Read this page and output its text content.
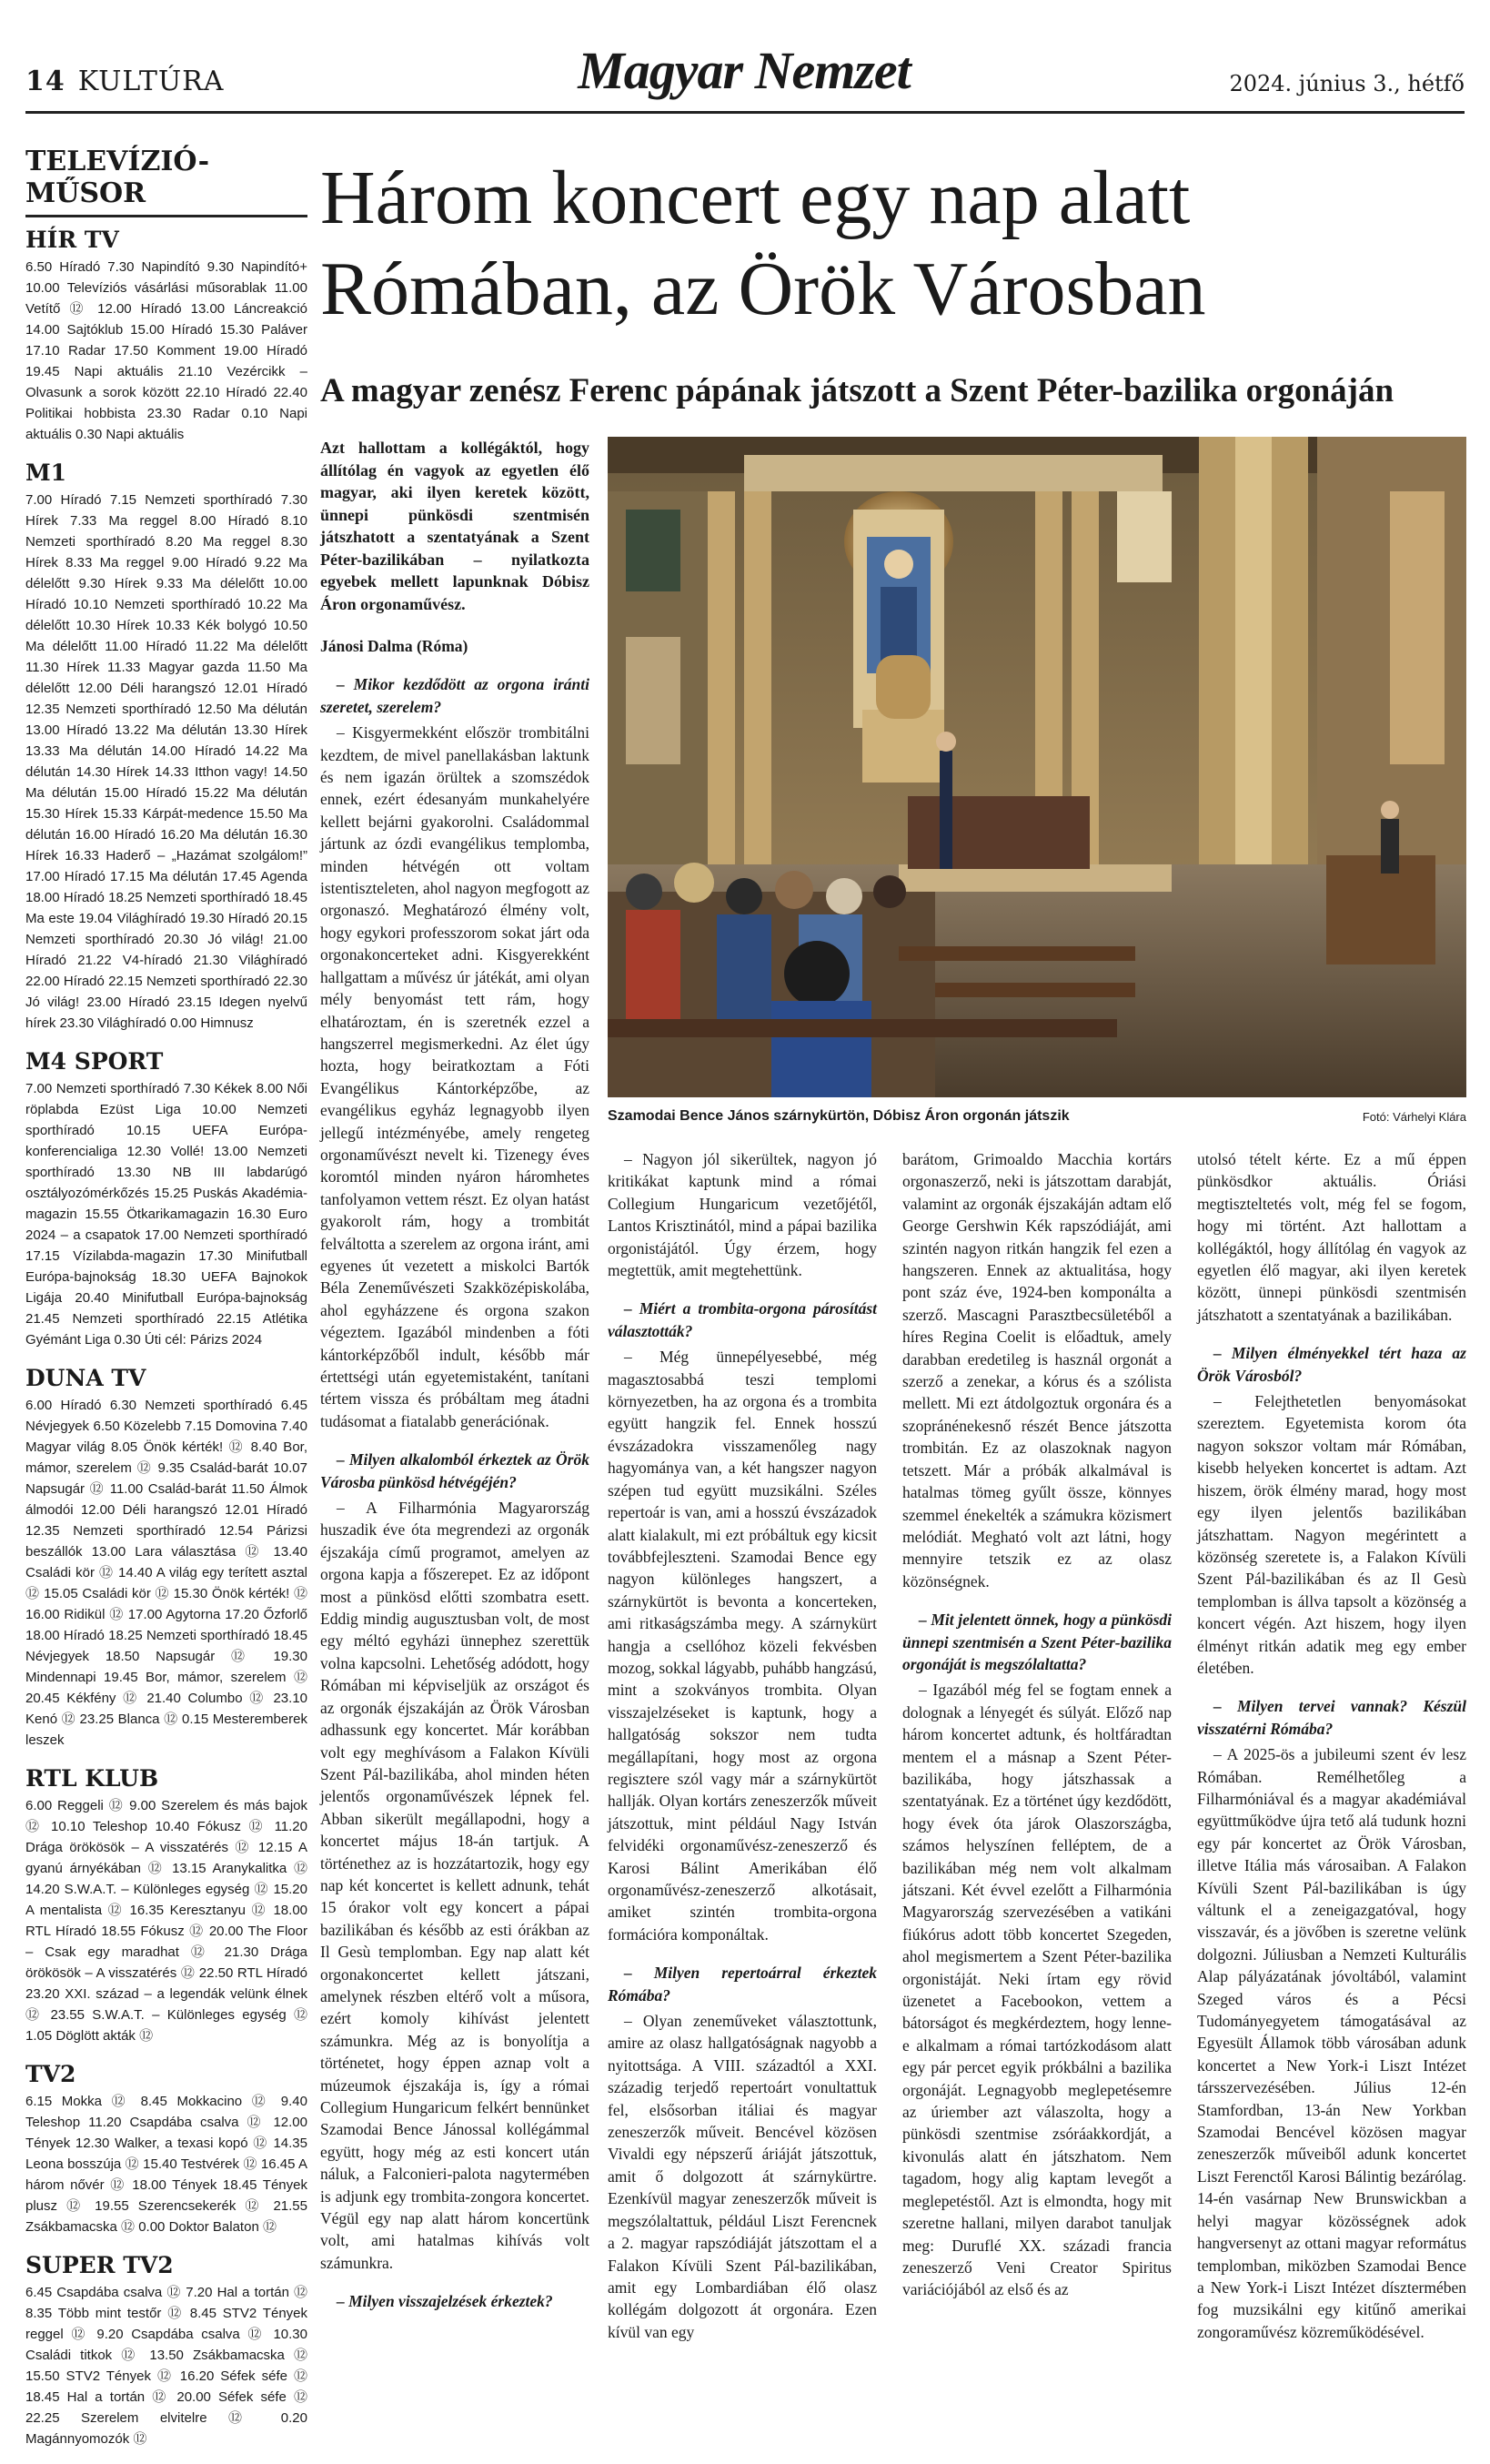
14 KULTÚRA	Magyar Nemzet	2024. június 3., hétfő
TELEVÍZIÓ-MŰSOR
HÍR TV

6.50 Híradó 7.30 Napindító 9.30 Napindító+ 10.00 Televíziós vásárlási műsorablak 11.00 Vetítő ⑫ 12.00 Híradó 13.00 Láncreakció 14.00 Sajtóklub 15.00 Híradó 15.30 Paláver 17.10 Radar 17.50 Komment 19.00 Híradó 19.45 Napi aktuális 21.10 Vezércikk – Olvasunk a sorok között 22.10 Híradó 22.40 Politikai hobbista 23.30 Radar 0.10 Napi aktuális 0.30 Napi aktuális

M1

7.00 Híradó 7.15 Nemzeti sporthíradó 7.30 Hírek 7.33 Ma reggel 8.00 Híradó 8.10 Nemzeti sporthíradó 8.20 Ma reggel 8.30 Hírek 8.33 Ma reggel 9.00 Híradó 9.22 Ma délelőtt 9.30 Hírek 9.33 Ma délelőtt 10.00 Híradó 10.10 Nemzeti sporthíradó 10.22 Ma délelőtt 10.30 Hírek 10.33 Kék bolygó 10.50 Ma délelőtt 11.00 Híradó 11.22 Ma délelőtt 11.30 Hírek 11.33 Magyar gazda 11.50 Ma délelőtt 12.00 Déli harangszó 12.01 Híradó 12.35 Nemzeti sporthíradó 12.50 Ma délután 13.00 Híradó 13.22 Ma délután 13.30 Hírek 13.33 Ma délután 14.00 Híradó 14.22 Ma délután 14.30 Hírek 14.33 Itthon vagy! 14.50 Ma délután 15.00 Híradó 15.22 Ma délután 15.30 Hírek 15.33 Kárpát-medence 15.50 Ma délután 16.00 Híradó 16.20 Ma délután 16.30 Hírek 16.33 Haderő – „Hazámat szolgálom!” 17.00 Híradó 17.15 Ma délután 17.45 Agenda 18.00 Híradó 18.25 Nemzeti sporthíradó 18.45 Ma este 19.04 Világhíradó 19.30 Híradó 20.15 Nemzeti sporthíradó 20.30 Jó világ! 21.00 Híradó 21.22 V4-híradó 21.30 Világhíradó 22.00 Híradó 22.15 Nemzeti sporthíradó 22.30 Jó világ! 23.00 Híradó 23.15 Idegen nyelvű hírek 23.30 Világhíradó 0.00 Himnusz

M4 SPORT

7.00 Nemzeti sporthíradó 7.30 Kékek 8.00 Női röplabda Ezüst Liga 10.00 Nemzeti sporthíradó 10.15 UEFA Európa-konferencialiga 12.30 Vollé! 13.00 Nemzeti sporthíradó 13.30 NB III labdarúgó osztályozómérkőzés 15.25 Puskás Akadémia-magazin 15.55 Ötkarikamagazin 16.30 Euro 2024 – a csapatok 17.00 Nemzeti sporthíradó 17.15 Vízilabda-magazin 17.30 Minifutball Európa-bajnokság 18.30 UEFA Bajnokok Ligája 20.40 Minifutball Európa-bajnokság 21.45 Nemzeti sporthíradó 22.15 Atlétika Gyémánt Liga 0.30 Úti cél: Párizs 2024

DUNA TV

6.00 Híradó 6.30 Nemzeti sporthíradó 6.45 Névjegyek 6.50 Közelebb 7.15 Domovina 7.40 Magyar világ 8.05 Önök kérték! ⑫ 8.40 Bor, mámor, szerelem ⑫ 9.35 Család-barát 10.07 Napsugár ⑫ 11.00 Család-barát 11.50 Álmok álmodói 12.00 Déli harangszó 12.01 Híradó 12.35 Nemzeti sporthíradó 12.54 Párizsi beszállók 13.00 Lara választása ⑫ 13.40 Családi kör ⑫ 14.40 A világ egy terített asztal ⑫ 15.05 Családi kör ⑫ 15.30 Önök kérték! ⑫ 16.00 Ridikül ⑫ 17.00 Agytorna 17.20 Őzforlő 18.00 Híradó 18.25 Nemzeti sporthíradó 18.45 Névjegyek 18.50 Napsugár ⑫ 19.30 Mindennapi 19.45 Bor, mámor, szerelem ⑫ 20.45 Kékfény ⑫ 21.40 Columbo ⑫ 23.10 Kenó ⑫ 23.25 Blanca ⑫ 0.15 Mesteremberek leszek

RTL KLUB

6.00 Reggeli ⑫ 9.00 Szerelem és más bajok ⑫ 10.10 Teleshop 10.40 Fókusz ⑫ 11.20 Drága örökösök – A visszatérés ⑫ 12.15 A gyanú árnyékában ⑫ 13.15 Aranykalitka ⑫ 14.20 S.W.A.T. – Különleges egység ⑫ 15.20 A mentalista ⑫ 16.35 Keresztanyu ⑫ 18.00 RTL Híradó 18.55 Fókusz ⑫ 20.00 The Floor – Csak egy maradhat ⑫ 21.30 Drága örökösök – A visszatérés ⑫ 22.50 RTL Híradó 23.20 XXI. század – a legendák velünk élnek ⑫ 23.55 S.W.A.T. – Különleges egység ⑫ 1.05 Döglött akták ⑫

TV2

6.15 Mokka ⑫ 8.45 Mokkacino ⑫ 9.40 Teleshop 11.20 Csapdába csalva ⑫ 12.00 Tények 12.30 Walker, a texasi kopó ⑫ 14.35 Leona bosszúja ⑫ 15.40 Testvérek ⑫ 16.45 A három nővér ⑫ 18.00 Tények 18.45 Tények plusz ⑫ 19.55 Szerencsekerék ⑫ 21.55 Zsákbamacska ⑫ 0.00 Doktor Balaton ⑫

SUPER TV2

6.45 Csapdába csalva ⑫ 7.20 Hal a tortán ⑫ 8.35 Több mint testőr ⑫ 8.45 STV2 Tények reggel ⑫ 9.20 Csapdába csalva ⑫ 10.30 Családi titkok ⑫ 13.50 Zsákbamacska ⑫ 15.50 STV2 Tények ⑫ 16.20 Séfek séfe ⑫ 18.45 Hal a tortán ⑫ 20.00 Séfek séfe ⑫ 22.25 Szerelem elvitelre ⑫ 0.20 Magánnyomozók ⑫

Három koncert egy nap alatt
Rómában, az Örök Városban
A magyar zenész Ferenc pápának játszott a Szent Péter-bazilika orgonáján

Azt hallottam a kollégáktól, hogy állítólag én vagyok az egyetlen élő magyar, aki ilyen keretek között, ünnepi pünkösdi szentmisén játszhatott a szentatyának a Szent Péter-bazilikában – nyilatkozta egyebek mellett lapunknak Dóbisz Áron orgonaművész.

Jánosi Dalma (Róma)

– Mikor kezdődött az orgona iránti szeretet, szerelem?

– Kisgyermekként először trombitálni kezdtem, de mivel panellakásban laktunk és nem igazán örültek a szomszédok ennek, ezért édesanyám munkahelyére kellett bejárni gyakorolni. Családommal jártunk az ózdi evangélikus templomba, minden hétvégén ott voltam istentiszteleten, ahol nagyon megfogott az orgonaszó. Meghatározó élmény volt, hogy egykori professzorom sokat járt oda orgonakoncerteket adni. Kisgyerekként hallgattam a művész úr játékát, ami olyan mély benyomást tett rám, hogy elhatároztam, én is szeretnék ezzel a hangszerrel megismerkedni. Az élet úgy hozta, hogy beiratkoztam a Fóti Evangélikus Kántorképzőbe, az evangélikus egyház legnagyobb ilyen jellegű intézményébe, amely rengeteg orgonaművészt nevelt ki. Tizenegy éves koromtól minden nyáron háromhetes tanfolyamon vettem részt. Ez olyan hatást gyakorolt rám, hogy a trombitát felváltotta a szerelem az orgona iránt, ami egyenes út vezetett a miskolci Bartók Béla Zeneművészeti Szakközépiskolába, ahol egyházzene és orgona szakon végeztem. Igazából mindenben a fóti kántorképzőből indult, később már értettségi után egyetemistaként, tanítani tértem vissza és próbáltam meg átadni tudásomat a fiatalabb generációnak.

– Milyen alkalomból érkeztek az Örök Városba pünkösd hétvégéjén?

– A Filharmónia Magyarország huszadik éve óta megrendezi az orgonák éjszakája című programot, amelyen az orgona kapja a főszerepet. Ez az időpont most a pünkösd előtti szombatra esett. Eddig mindig augusztusban volt, de most egy méltó egyházi ünnephez szerettük volna kapcsolni. Lehetőség adódott, hogy Rómában mi képviseljük az országot és az orgonák éjszakáján az Örök Városban adhassunk egy koncertet. Már korábban volt egy meghívásom a Falakon Kívüli Szent Pál-bazilikába, ahol minden héten jelentős orgonaművészek lépnek fel. Abban sikerült megállapodni, hogy a koncertet május 18-án tartjuk. A történethez az is hozzátartozik, hogy egy nap két koncertet is kellett adnunk, tehát 15 órakor volt egy koncert a pápai bazilikában és később az esti órákban az Il Gesù templomban. Egy nap alatt két orgonakoncertet kellett játszani, amelynek részben eltérő volt a műsora, ezért komoly kihívást jelentett számunkra. Még az is bonyolítja a történetet, hogy éppen aznap volt a múzeumok éjszakája is, így a római Collegium Hungaricum felkért bennünket Szamodai Bence Jánossal kollégámmal együtt, hogy még az esti koncert után náluk, a Falconieri-palota nagytermében is adjunk egy trombita-zongora koncertet. Végül egy nap alatt három koncertünk volt, ami hatalmas kihívás volt számunkra.

– Milyen visszajelzések érkeztek?

Szamodai Bence János szárnykürtön, Dóbisz Áron orgonán játszik	Fotó: Várhelyi Klára

– Nagyon jól sikerültek, nagyon jó kritikákat kaptunk mind a római Collegium Hungaricum vezetőjétől, Lantos Krisztinától, mind a pápai bazilika orgonistájától. Úgy érzem, hogy megtettük, amit megtehettünk.

– Miért a trombita-orgona párosítást választották?

– Még ünnepélyesebbé, még magasztosabbá teszi templomi környezetben, ha az orgona és a trombita együtt hangzik fel. Ennek hosszú évszázadokra visszamenőleg nagy hagyománya van, a két hangszer nagyon szépen tud együtt muzsikálni. Széles repertoár is van, ami a hosszú évszázadok alatt kialakult, mi ezt próbáltuk egy kicsit továbbfejleszteni. Szamodai Bence egy nagyon különleges hangszert, a szárnykürtöt is bevonta a koncerteken, ami ritkaságszámba megy. A szárnykürt hangja a csellóhoz közeli fekvésben mozog, sokkal lágyabb, puhább hangzású, mint a szokványos trombita. Olyan visszajelzéseket is kaptunk, hogy a hallgatóság sokszor nem tudta megállapítani, hogy most az orgona regisztere szól vagy már a szárnykürtöt hallják. Olyan kortárs zeneszerzők műveit játszottuk, mint például Nagy István felvidéki orgonaművész-zeneszerző és Karosi Bálint Amerikában élő orgonaművész-zeneszerző alkotásait, amiket szintén trombita-orgona formációra komponáltak.

– Milyen repertoárral érkeztek Rómába?

– Olyan zeneműveket választottunk, amire az olasz hallgatóságnak nagyobb a nyitottsága. A VIII. századtól a XXI. századig terjedő repertoárt vonultattuk fel, elsősorban itáliai és magyar zeneszerzők műveit. Bencével közösen Vivaldi egy népszerű áriáját játszottuk, amit ő dolgozott át szárnykürtre. Ezenkívül magyar zeneszerzők műveit is megszólaltattuk, például Liszt Ferencnek a 2. magyar rapszódiáját játszottam el a Falakon Kívüli Szent Pál-bazilikában, amit egy Lombardiában élő olasz kollégám dolgozott át orgonára. Ezen kívül van egy

barátom, Grimoaldo Macchia kortárs orgonaszerző, neki is játszottam darabját, valamint az orgonák éjszakáján adtam elő George Gershwin Kék rapszódiáját, ami szintén nagyon ritkán hangzik fel ezen a hangszeren. Ennek az aktualitása, hogy pont száz éve, 1924-ben komponálta a szerző. Mascagni Parasztbecsületéből a híres Regina Coelit is előadtuk, amely darabban eredetileg is használ orgonát a szerző a zenekar, a kórus és a szólista mellett. Mi ezt átdolgoztuk orgonára és a szopránénekesnő részét Bence játszotta trombitán. Ez az olaszoknak nagyon tetszett. Már a próbák alkalmával is hatalmas tömeg gyűlt össze, könnyes szemmel énekelték a számukra közismert melódiát. Megható volt azt látni, hogy mennyire tetszik ez az olasz közönségnek.

– Mit jelentett önnek, hogy a pünkösdi ünnepi szentmisén a Szent Péter-bazilika orgonáját is megszólaltatta?

– Igazából még fel se fogtam ennek a dolognak a lényegét és súlyát. Előző nap három koncertet adtunk, és holtfáradtan mentem el a másnap a Szent Péter-bazilikába, hogy játszhassak a szentatyának. Ez a történet úgy kezdődött, hogy évek óta járok Olaszországba, számos helyszínen felléptem, de a bazilikában még nem volt alkalmam játszani. Két évvel ezelőtt a Filharmónia Magyarország szervezésében a vatikáni fiúkórus adott több koncertet Szegeden, ahol megismertem a Szent Péter-bazilika orgonistáját. Neki írtam egy rövid üzenetet a Facebookon, vettem a bátorságot és megkérdeztem, hogy lenne-e alkalmam a római tartózkodásom alatt egy pár percet egyik prókbálni a bazilika orgonáját. Legnagyobb meglepetésemre az úriember azt válaszolta, hogy a pünkösdi szentmise zsóráakkordját, a kivonulás alatt én játszhatom. Nem tagadom, hogy alig kaptam levegőt a meglepetéstől. Azt is elmondta, hogy mit szeretne hallani, milyen darabot tanuljak meg: Duruflé XX. századi francia zeneszerző Veni Creator Spiritus variációjából az első és az

utolsó tételt kérte. Ez a mű éppen pünkösdkor aktuális. Óriási megtiszteltetés volt, még fel se fogom, hogy mi történt. Azt hallottam a kollégáktól, hogy állítólag én vagyok az egyetlen élő magyar, aki ilyen keretek között, ünnepi pünkösdi szentmisén játszhatott a szentatyának a bazilikában.

– Milyen élményekkel tért haza az Örök Városból?

– Felejthetetlen benyomásokat szereztem. Egyetemista korom óta nagyon sokszor voltam már Rómában, kisebb helyeken koncertet is adtam. Azt hiszem, örök élmény marad, hogy most egy ilyen jelentős bazilikában játszhattam. Nagyon megérintett a közönség szeretete is, a Falakon Kívüli Szent Pál-bazilikában és az Il Gesù templomban is állva tapsolt a közönség a koncert végén. Azt hiszem, hogy ilyen élményt ritkán adatik meg egy ember életében.

– Milyen tervei vannak? Készül visszatérni Rómába?

– A 2025-ös a jubileumi szent év lesz Rómában. Remélhetőleg a Filharmóniával és a magyar akadémiával együttműködve újra tető alá tudunk hozni egy pár koncertet az Örök Városban, illetve Itália más városaiban. A Falakon Kívüli Szent Pál-bazilikában is úgy váltunk el a zeneigazgatóval, hogy visszavár, és a jövőben is szeretne velünk dolgozni. Júliusban a Nemzeti Kulturális Alap pályázatának jóvoltából, valamint Szeged város és a Pécsi Tudományegyetem támogatásával az Egyesült Államok több városában adunk koncertet a New York-i Liszt Intézet társszervezésében. Július 12-én Stamfordban, 13-án New Yorkban Szamodai Bencével közösen magyar zeneszerzők műveiből adunk koncertet Liszt Ferenctől Karosi Bálintig bezárólag. 14-én vasárnap New Brunswickban a helyi magyar közösségnek adok hangversenyt az ottani magyar református templomban, miközben Szamodai Bence a New York-i Liszt Intézet dísztermében fog muzsikálni egy kitűnő amerikai zongoraművész közreműködésével.
